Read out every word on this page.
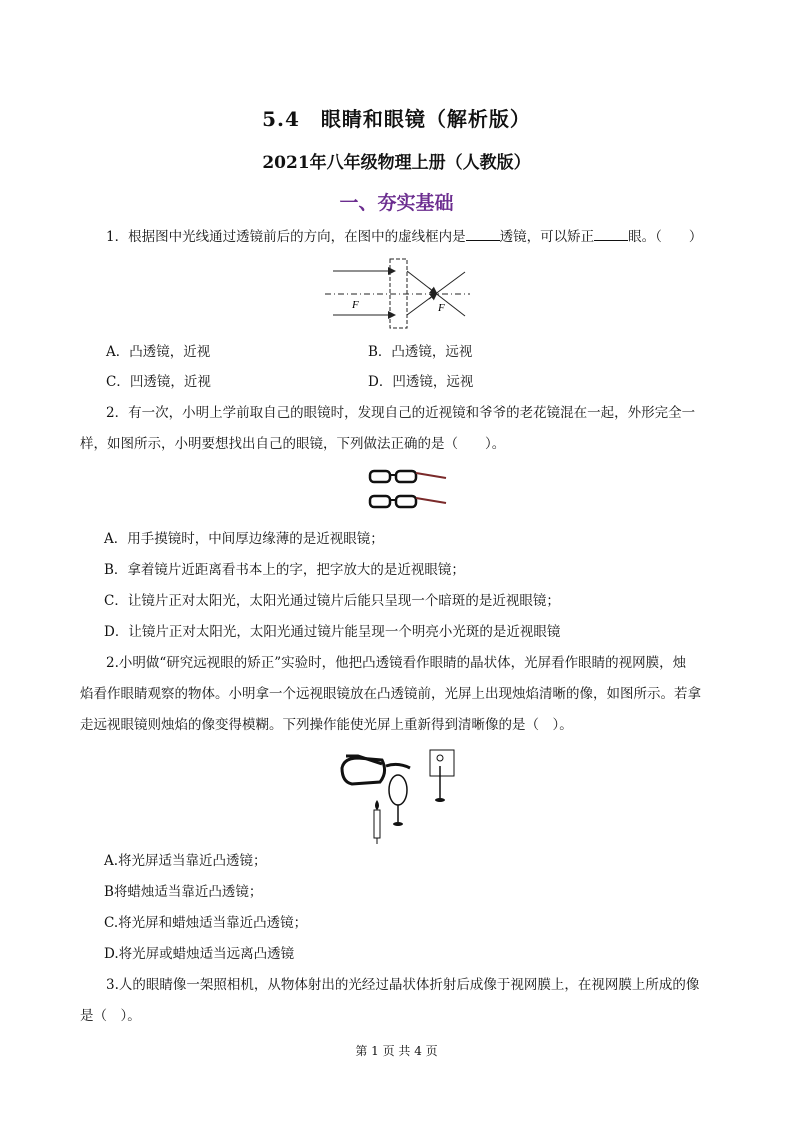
5.4　眼睛和眼镜（解析版）
2021年八年级物理上册（人教版）
一、夯实基础
1．根据图中光线通过透镜前后的方向，在图中的虚线框内是	透镜，可以矫正	眼。（　　）
F	F
A．凸透镜，近视	B．凸透镜，远视
C．凹透镜，近视	D．凹透镜，远视
2．有一次，小明上学前取自己的眼镜时，发现自己的近视镜和爷爷的老花镜混在一起，外形完全一
样，如图所示，小明要想找出自己的眼镜，下列做法正确的是（　　）。
A．用手摸镜时，中间厚边缘薄的是近视眼镜；
B．拿着镜片近距离看书本上的字，把字放大的是近视眼镜；
C．让镜片正对太阳光，太阳光通过镜片后能只呈现一个暗斑的是近视眼镜；
D．让镜片正对太阳光，太阳光通过镜片能呈现一个明亮小光斑的是近视眼镜
2.小明做“研究远视眼的矫正”实验时，他把凸透镜看作眼睛的晶状体，光屏看作眼睛的视网膜，烛
焰看作眼睛观察的物体。小明拿一个远视眼镜放在凸透镜前，光屏上出现烛焰清晰的像，如图所示。若拿
走远视眼镜则烛焰的像变得模糊。下列操作能使光屏上重新得到清晰像的是（　）。
A.将光屏适当靠近凸透镜；
B将蜡烛适当靠近凸透镜；
C.将光屏和蜡烛适当靠近凸透镜；
D.将光屏或蜡烛适当远离凸透镜
3.人的眼睛像一架照相机，从物体射出的光经过晶状体折射后成像于视网膜上，在视网膜上所成的像
是（　）。
第 1 页 共 4 页
